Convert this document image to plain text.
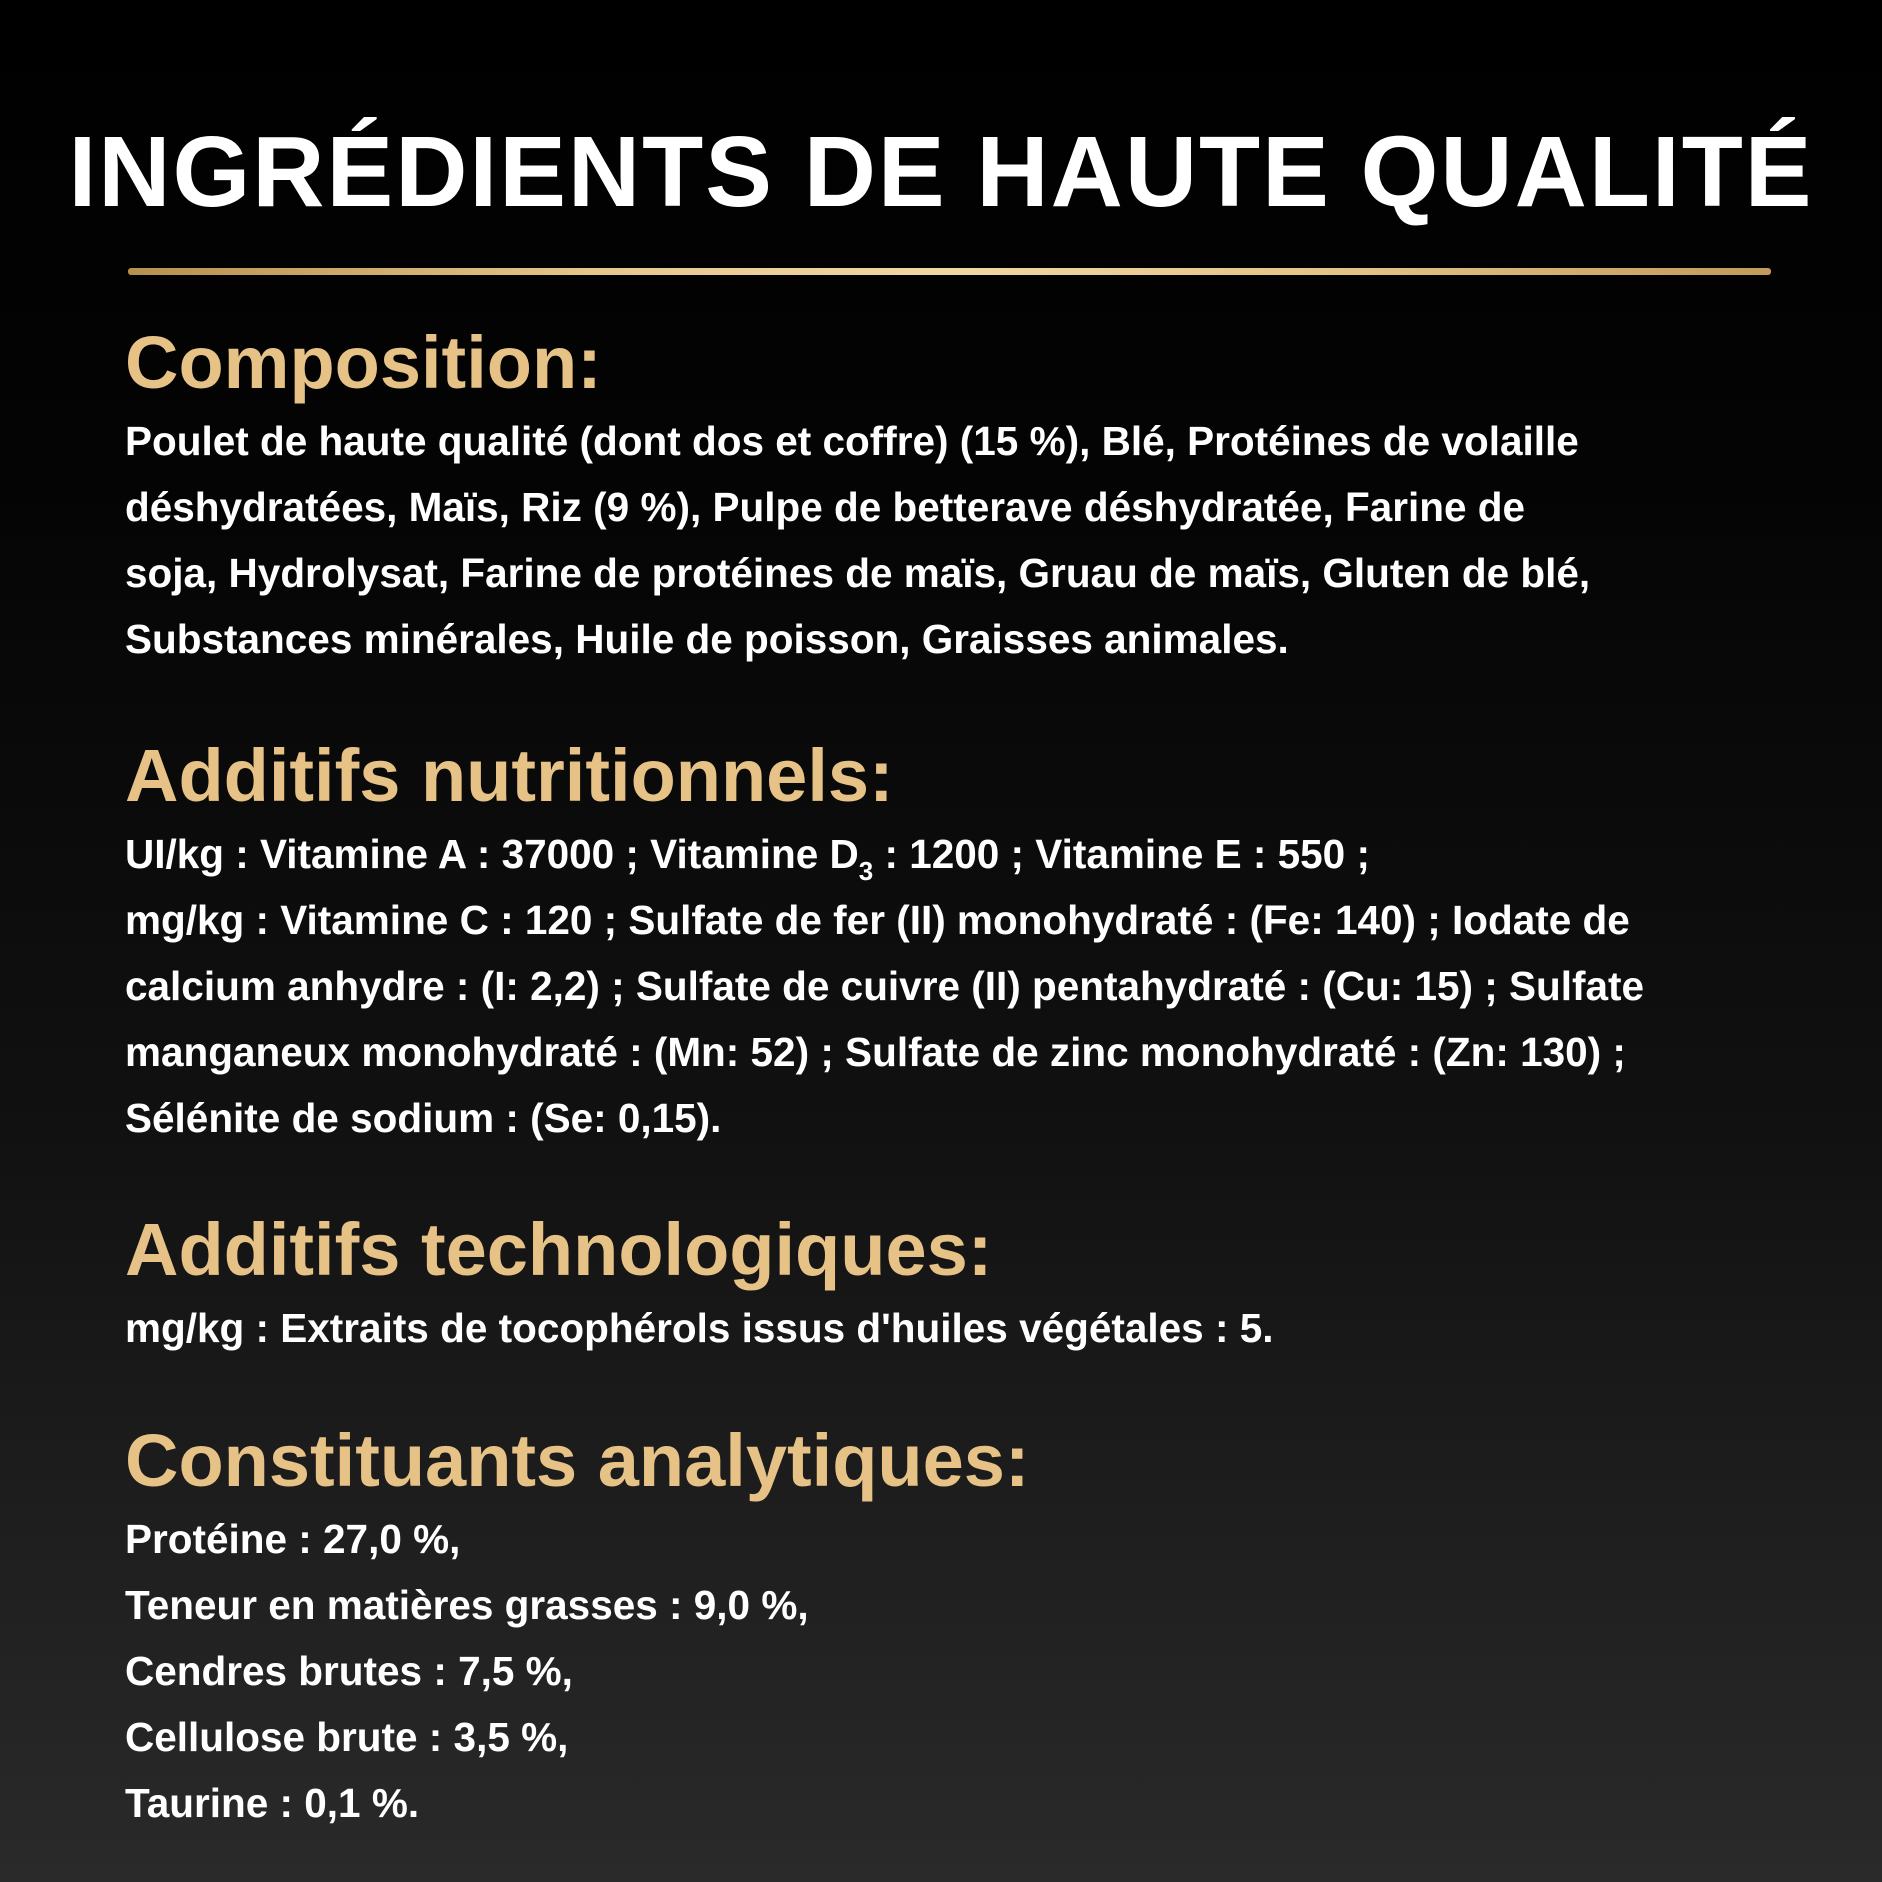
INGRÉDIENTS DE HAUTE QUALITÉ
Composition:

Poulet de haute qualité (dont dos et coffre) (15 %), Blé, Protéines de volaille
déshydratées, Maïs, Riz (9 %), Pulpe de betterave déshydratée, Farine de
soja, Hydrolysat, Farine de protéines de maïs, Gruau de maïs, Gluten de blé,
Substances minérales, Huile de poisson, Graisses animales.

Additifs nutritionnels:

UI/kg : Vitamine A : 37000 ; Vitamine $D_3$ : 1200 ; Vitamine E : 550 ;
mg/kg : Vitamine C : 120 ; Sulfate de fer (II) monohydraté : (Fe: 140) ; Iodate de
calcium anhydre : (I: 2,2) ; Sulfate de cuivre (II) pentahydraté : (Cu: 15) ; Sulfate
manganeux monohydraté : (Mn: 52) ; Sulfate de zinc monohydraté : (Zn: 130) ;
Sélénite de sodium : (Se: 0,15).

Additifs technologiques:

mg/kg : Extraits de tocophérols issus d'huiles végétales : 5.

Constituants analytiques:

Protéine : 27,0 %,
Teneur en matières grasses : 9,0 %,
Cendres brutes : 7,5 %,
Cellulose brute : 3,5 %,
Taurine : 0,1 %.
